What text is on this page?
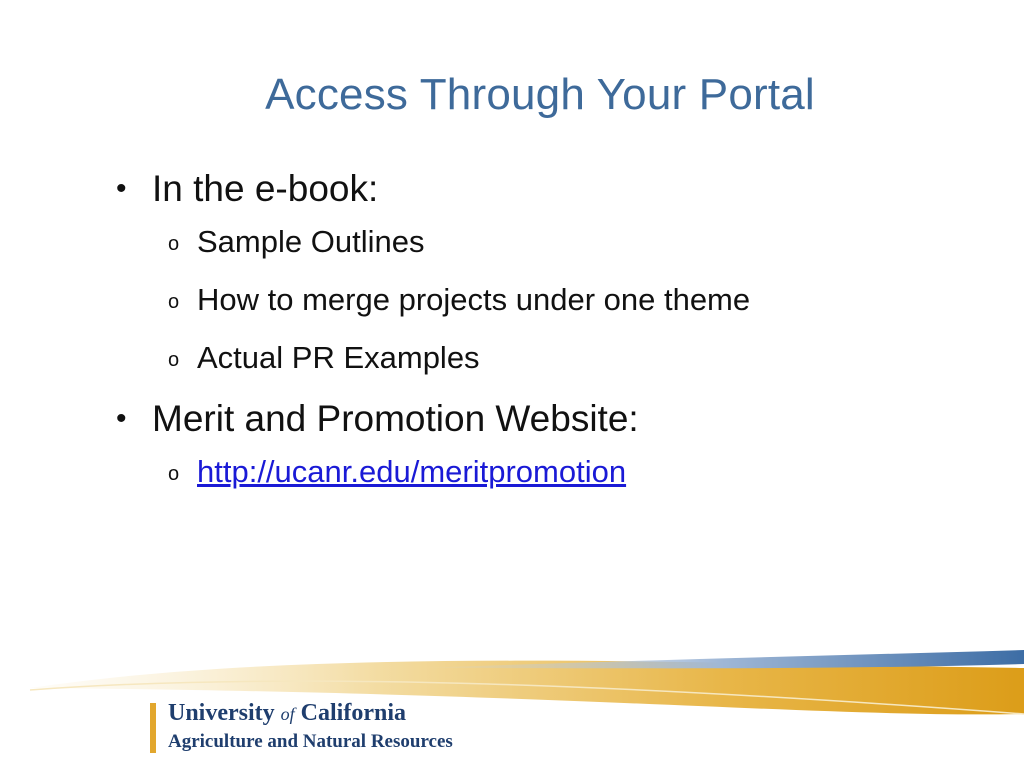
Access Through Your Portal
• In the e-book:
o Sample Outlines
o How to merge projects under one theme
o Actual PR Examples
• Merit and Promotion Website:
o http://ucanr.edu/meritpromotion
University of California
Agriculture and Natural Resources
